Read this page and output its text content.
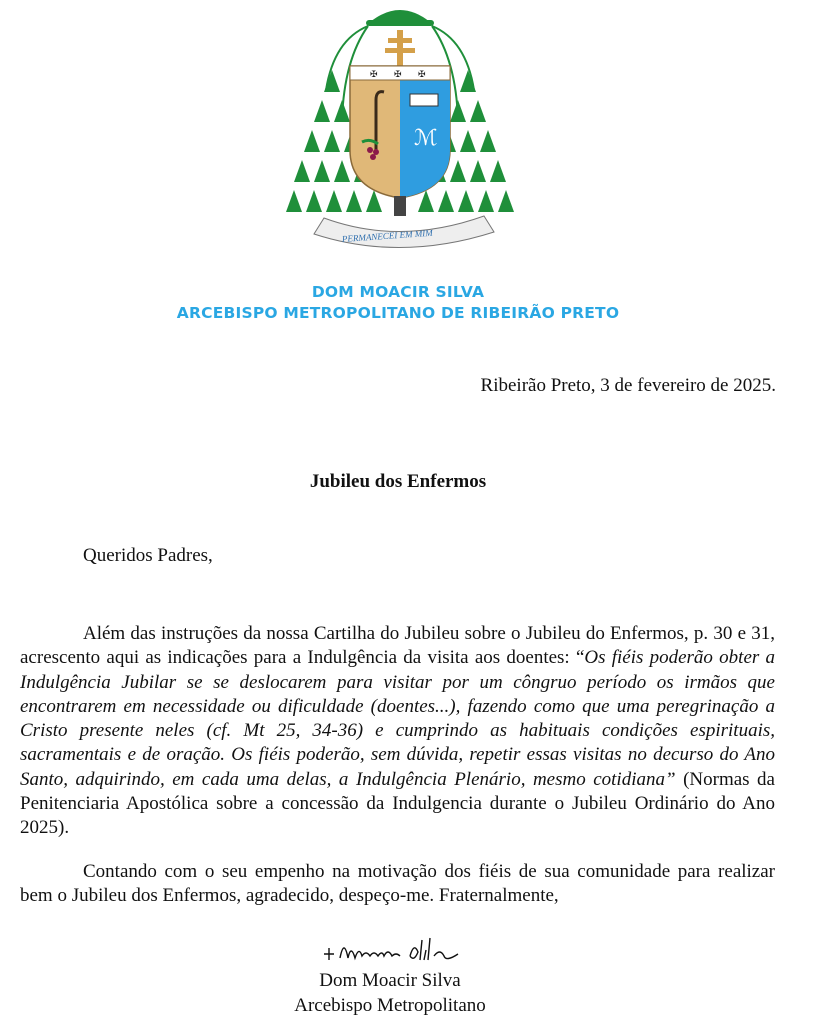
✠ ✠ ✠
ℳ
PERMANECEI EM MIM
DOM MOACIR SILVA
ARCEBISPO METROPOLITANO DE RIBEIRÃO PRETO
Ribeirão Preto, 3 de fevereiro de 2025.
Jubileu dos Enfermos
Queridos Padres,
Além das instruções da nossa Cartilha do Jubileu sobre o Jubileu do Enfermos, p. 30 e 31, acrescento aqui as indicações para a Indulgência da visita aos doentes: “Os fiéis poderão obter a Indulgência Jubilar se se deslocarem para visitar por um côngruo período os irmãos que encontrarem em necessidade ou dificuldade (doentes...), fazendo como que uma peregrinação a Cristo presente neles (cf. Mt 25, 34-36) e cumprindo as habituais condições espirituais, sacramentais e de oração. Os fiéis poderão, sem dúvida, repetir essas visitas no decurso do Ano Santo, adquirindo, em cada uma delas, a Indulgência Plenário, mesmo cotidiana” (Normas da Penitenciaria Apostólica sobre a concessão da Indulgencia durante o Jubileu Ordinário do Ano 2025).
Contando com o seu empenho na motivação dos fiéis de sua comunidade para realizar bem o Jubileu dos Enfermos, agradecido, despeço-me. Fraternalmente,
Dom Moacir Silva
Arcebispo Metropolitano
